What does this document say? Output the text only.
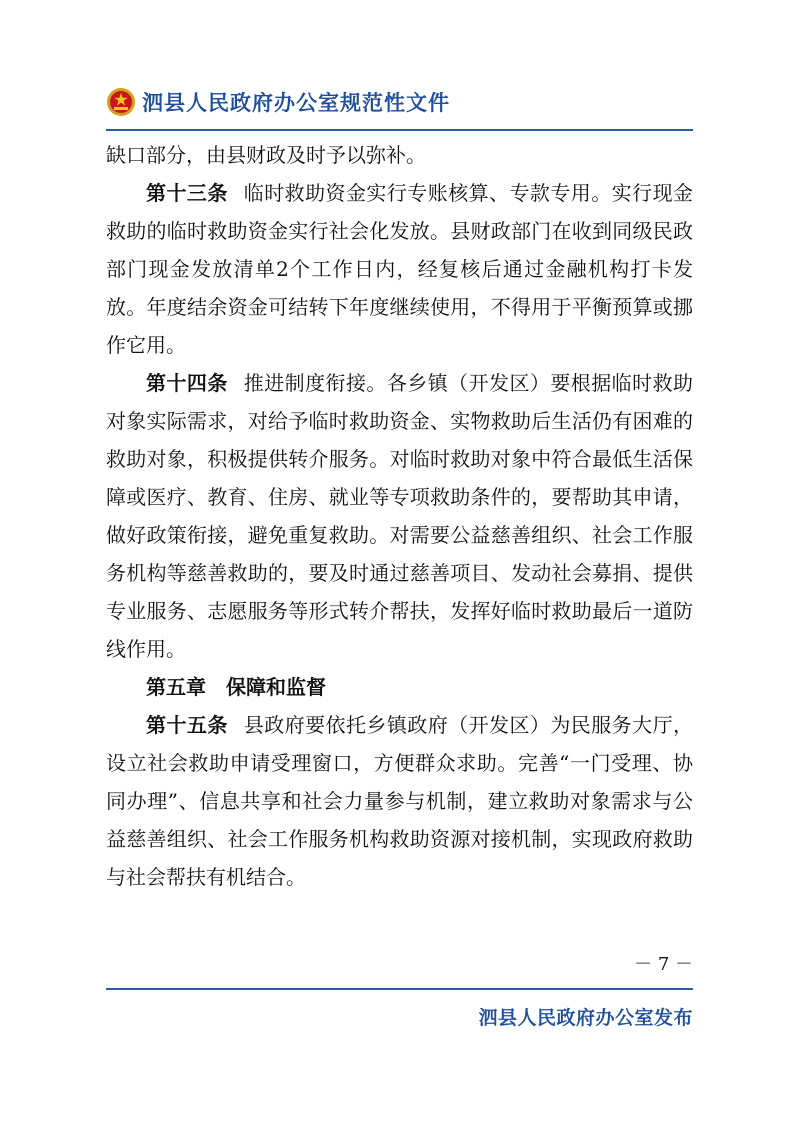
泗县人民政府办公室规范性文件

缺口部分，由县财政及时予以弥补。

第十三条 临时救助资金实行专账核算、专款专用。实行现金救助的临时救助资金实行社会化发放。县财政部门在收到同级民政部门现金发放清单2个工作日内，经复核后通过金融机构打卡发放。年度结余资金可结转下年度继续使用，不得用于平衡预算或挪作它用。

第十四条 推进制度衔接。各乡镇（开发区）要根据临时救助对象实际需求，对给予临时救助资金、实物救助后生活仍有困难的救助对象，积极提供转介服务。对临时救助对象中符合最低生活保障或医疗、教育、住房、就业等专项救助条件的，要帮助其申请，做好政策衔接，避免重复救助。对需要公益慈善组织、社会工作服务机构等慈善救助的，要及时通过慈善项目、发动社会募捐、提供专业服务、志愿服务等形式转介帮扶，发挥好临时救助最后一道防线作用。

第五章 保障和监督

第十五条 县政府要依托乡镇政府（开发区）为民服务大厅，设立社会救助申请受理窗口，方便群众求助。完善“一门受理、协同办理”、信息共享和社会力量参与机制，建立救助对象需求与公益慈善组织、社会工作服务机构救助资源对接机制，实现政府救助与社会帮扶有机结合。

－ 7 －
泗县人民政府办公室发布
